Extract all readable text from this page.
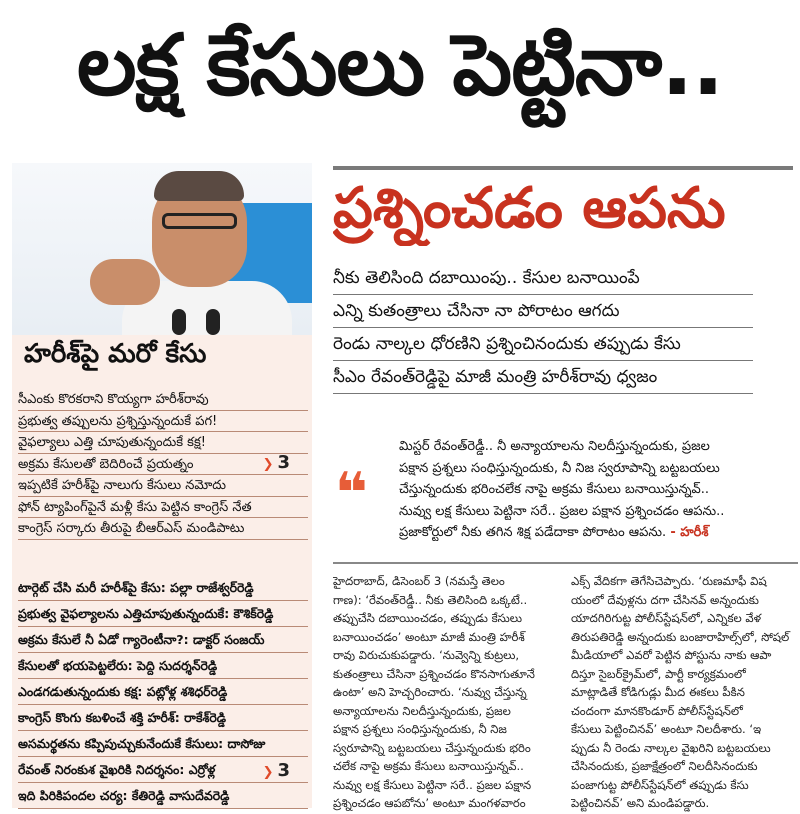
లక్ష కేసులు పెట్టినా..
హరీశ్‌పై మరో కేసు
సీఎంకు కొరకరాని కొయ్యగా హరీశ్‌రావు
ప్రభుత్వ తప్పులను ప్రశ్నిస్తున్నందుకే పగ!
వైఫల్యాలు ఎత్తి చూపుతున్నందుకే కక్ష!
అక్రమ కేసులతో బెదిరించే ప్రయత్నం	❯ 3
ఇప్పటికే హరీశ్‌పై నాలుగు కేసులు నమోదు
ఫోన్ ట్యాపింగ్‌పైనే మళ్లీ కేసు పెట్టిన కాంగ్రెస్ నేత
కాంగ్రెస్ సర్కారు తీరుపై బీఆర్‌ఎస్ మండిపాటు
టార్గెట్ చేసి మరీ హరీశ్‌పై కేసు: పల్లా రాజేశ్వర్‌రెడ్డి
ప్రభుత్వ వైఫల్యాలను ఎత్తిచూపుతున్నందుకే: కౌశిక్‌రెడ్డి
అక్రమ కేసులే నీ ఏడో గ్యారెంటీనా?: డాక్టర్ సంజయ్
కేసులతో భయపెట్టలేరు: పెద్ది సుదర్శన్‌రెడ్డి
ఎండగడుతున్నందుకు కక్ష: పట్లోళ్ల శశిధర్‌రెడ్డి
కాంగ్రెస్ కొంగు కబళించే శక్తి హరీశ్: రాకేశ్‌రెడ్డి
అసమర్థతను కప్పిపుచ్చుకునేందుకే కేసులు: దాసోజు
రేవంత్ నిరంకుశ వైఖరికి నిదర్శనం: ఎర్రోళ్ల	❯ 3
ఇది పిరికిపందల చర్య: కేతిరెడ్డి వాసుదేవరెడ్డి
ప్రశ్నించడం ఆపను
నీకు తెలిసింది దబాయింపు.. కేసుల బనాయింపే
ఎన్ని కుతంత్రాలు చేసినా నా పోరాటం ఆగదు
రెండు నాల్కల ధోరణిని ప్రశ్నించినందుకు తప్పుడు కేసు
సీఎం రేవంత్‌రెడ్డిపై మాజీ మంత్రి హరీశ్‌రావు ధ్వజం
❝
మిస్టర్ రేవంత్‌రెడ్డీ.. నీ అన్యాయాలను నిలదీస్తున్నందుకు, ప్రజల
పక్షాన ప్రశ్నలు సంధిస్తున్నందుకు, నీ నిజ స్వరూపాన్ని బట్టబయలు
చేస్తున్నందుకు భరించలేక నాపై అక్రమ కేసులు బనాయిస్తున్నవ్..
నువ్వు లక్ష కేసులు పెట్టినా సరే.. ప్రజల పక్షాన ప్రశ్నించడం ఆపను..
ప్రజాకోర్టులో నీకు తగిన శిక్ష పడేదాకా పోరాటం ఆపను. - హరీశ్
హైదరాబాద్, డిసెంబర్ 3 (నమస్తే తెలం
గాణ): ‘రేవంత్‌రెడ్డీ.. నీకు తెలిసింది ఒక్కటే..
తప్పుచేసి దబాయించడం, తప్పుడు కేసులు
బనాయించడం’ అంటూ మాజీ మంత్రి హరీశ్
రావు విరుచుకుపడ్డారు. ‘నువ్వెన్ని కుట్రలు,
కుతంత్రాలు చేసినా ప్రశ్నించడం కొనసాగుతూనే
ఉంటా’ అని హెచ్చరించారు. ‘నువ్వు చేస్తున్న
అన్యాయాలను నిలదీస్తున్నందుకు, ప్రజల
పక్షాన ప్రశ్నలు సంధిస్తున్నందుకు, నీ నిజ
స్వరూపాన్ని బట్టబయలు చేస్తున్నందుకు భరిం
చలేక నాపై అక్రమ కేసులు బనాయిస్తున్నవ్..
నువ్వు లక్ష కేసులు పెట్టినా సరే.. ప్రజల పక్షాన
ప్రశ్నించడం ఆపబోను’ అంటూ మంగళవారం
ఎక్స్ వేదికగా తెగేసిచెప్పారు. ‘రుణమాఫీ విష
యంలో దేవుళ్లను దగా చేసినవ్ అన్నందుకు
యాదగిరిగుట్ట పోలీస్‌స్టేషన్‌లో, ఎన్నికల వేళ
తిరుపతిరెడ్డి అన్నందుకు బంజారాహిల్స్‌లో, సోషల్
మీడియాలో ఎవరో పెట్టిన పోస్టును నాకు ఆపా
దిస్తూ సైబర్‌క్రైమ్‌లో, పార్టీ కార్యక్రమంలో
మాట్లాడితే కోడిగుడ్లు మీద ఈకలు పీకిన
చందంగా మానకొండూర్ పోలీస్‌స్టేషన్‌లో
కేసులు పెట్టించినవ్’ అంటూ నిలదీశారు. ‘ఇ
ప్పుడు నీ రెండు నాల్కల వైఖరిని బట్టబయలు
చేసినందుకు, ప్రజాక్షేత్రంలో నిలదీసినందుకు
పంజాగుట్ట పోలీస్‌స్టేషన్‌లో తప్పుడు కేసు
పెట్టించినవ్’ అని మండిపడ్డారు.
